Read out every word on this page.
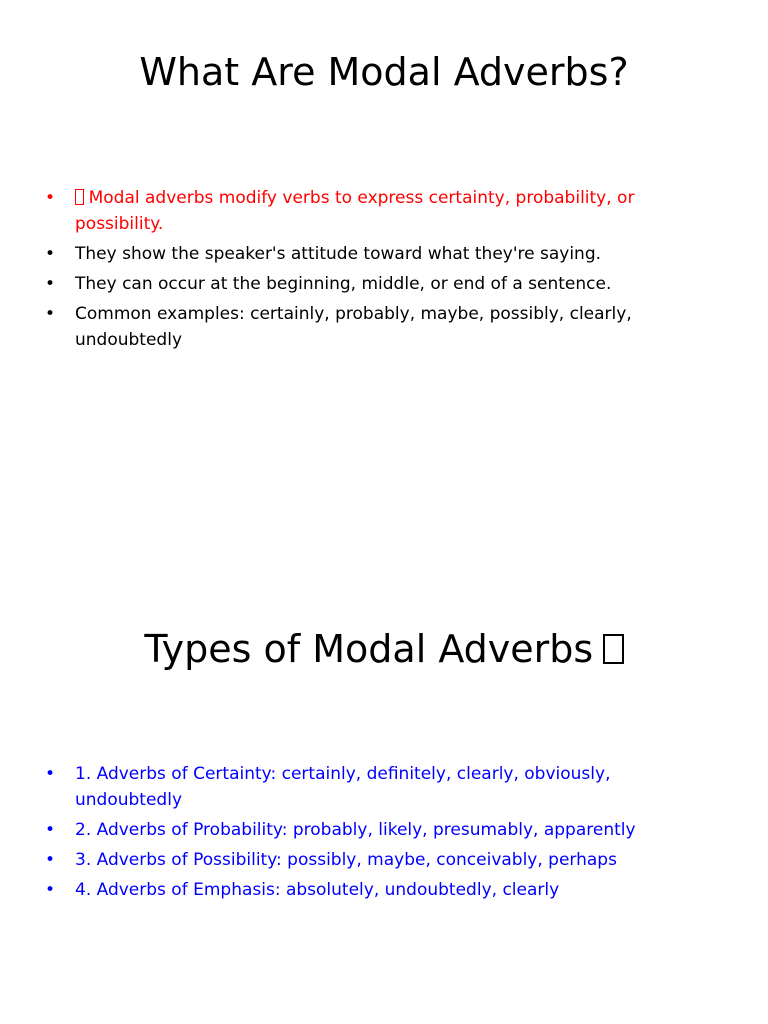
What Are Modal Adverbs?
• Modal adverbs modify verbs to express certainty, probability, or possibility.
• They show the speaker's attitude toward what they're saying.
• They can occur at the beginning, middle, or end of a sentence.
• Common examples: certainly, probably, maybe, possibly, clearly, undoubtedly
Types of Modal Adverbs
• 1. Adverbs of Certainty: certainly, definitely, clearly, obviously, undoubtedly
• 2. Adverbs of Probability: probably, likely, presumably, apparently
• 3. Adverbs of Possibility: possibly, maybe, conceivably, perhaps
• 4. Adverbs of Emphasis: absolutely, undoubtedly, clearly
